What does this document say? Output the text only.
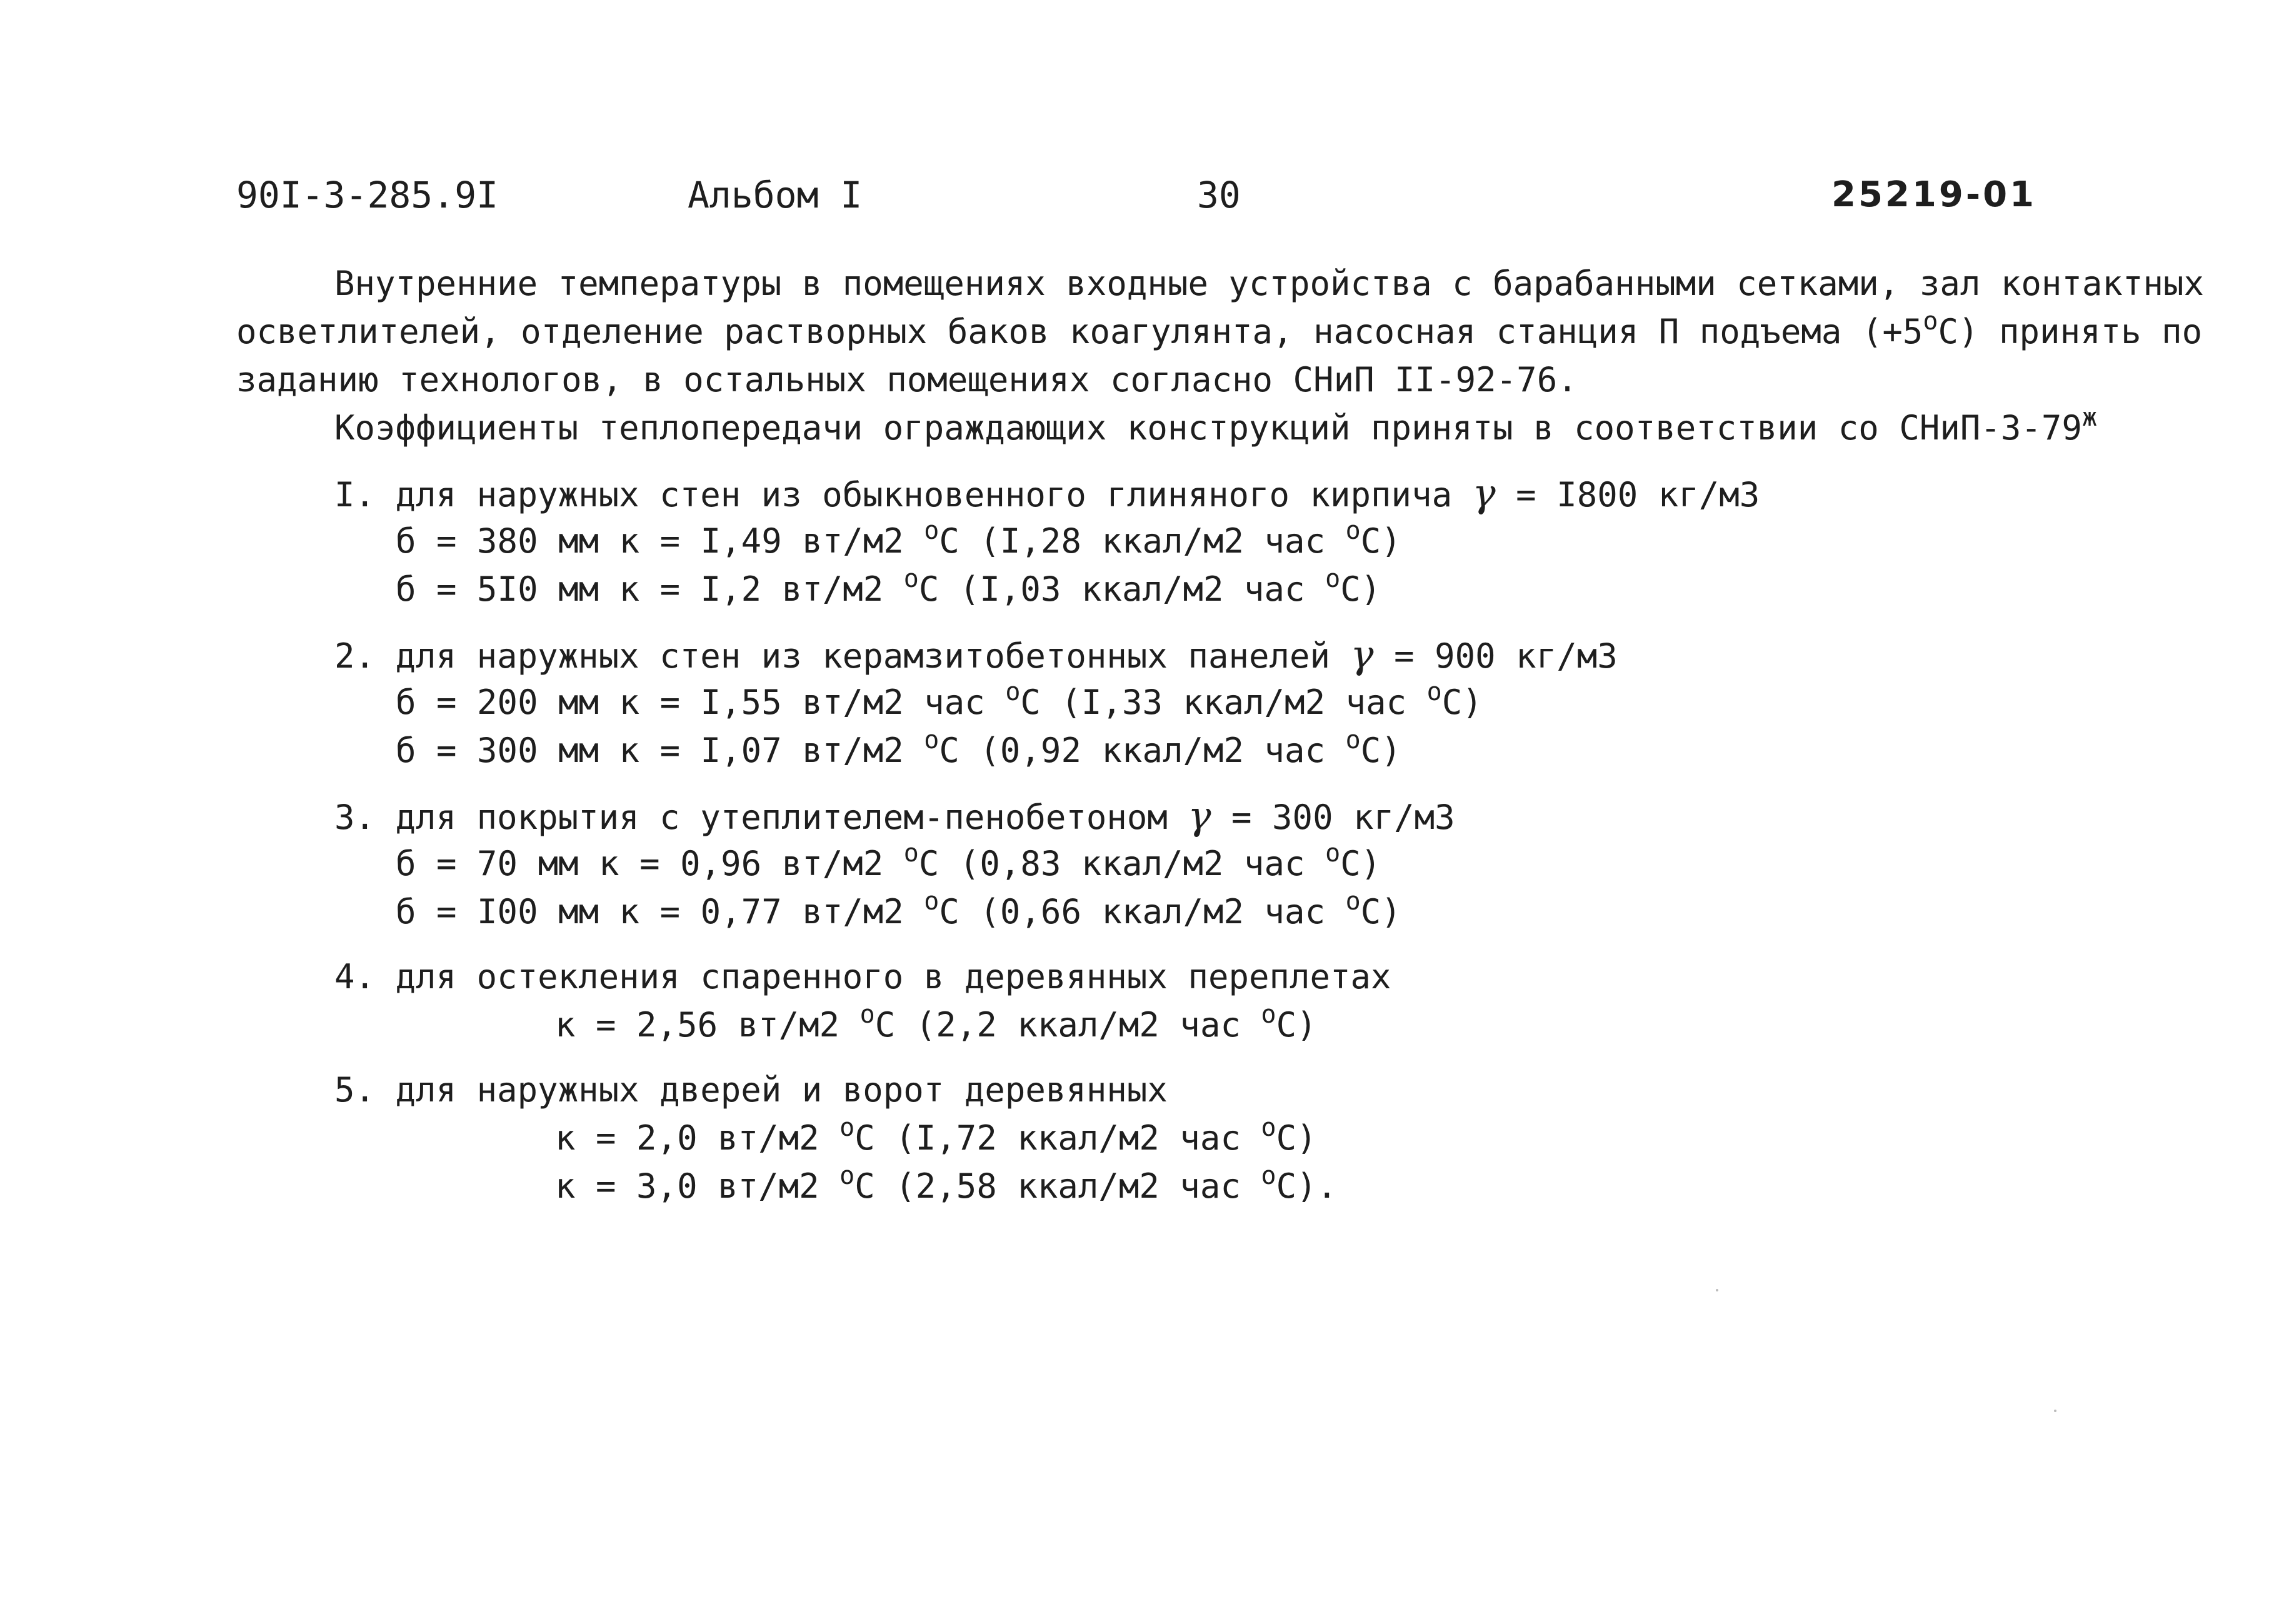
90I-3-285.9I	Альбом I	30	25219-01
Внутренние температуры в помещениях входные устройства с барабанными сетками, зал контактных
осветлителей, отделение растворных баков коагулянта, насосная станция П подъема $(+5^оС)$ принять по
заданию технологов, в остальных помещениях согласно СНиП II-92-76.
Коэффициенты теплопередачи ограждающих конструкций приняты в соответствии со СНиП-$3-79^ж$
I. для наружных стен из обыкновенного глиняного кирпича γ = I800 кг/м3
б = 380 мм к = I,49 вт/м2 $^о$С (I,28 ккал/м2 час $^о$С)
б = 5I0 мм к = I,2 вт/м2 $^о$С (I,03 ккал/м2 час $^о$С)
2. для наружных стен из керамзитобетонных панелей γ = 900 кг/м3
б = 200 мм к = I,55 вт/м2 час $^о$С (I,33 ккал/м2 час $^о$С)
б = 300 мм к = I,07 вт/м2 $^о$С (0,92 ккал/м2 час $^о$С)
3. для покрытия с утеплителем-пенобетоном γ = 300 кг/м3
б = 70 мм к = 0,96 вт/м2 $^о$С (0,83 ккал/м2 час $^о$С)
б = I00 мм к = 0,77 вт/м2 $^о$С (0,66 ккал/м2 час $^о$С)
4. для остекления спаренного в деревянных переплетах
к = 2,56 вт/м2 $^о$С (2,2 ккал/м2 час $^о$С)
5. для наружных дверей и ворот деревянных
к = 2,0 вт/м2 $^о$С (I,72 ккал/м2 час $^о$С)
к = 3,0 вт/м2 $^о$С (2,58 ккал/м2 час $^о$С).
